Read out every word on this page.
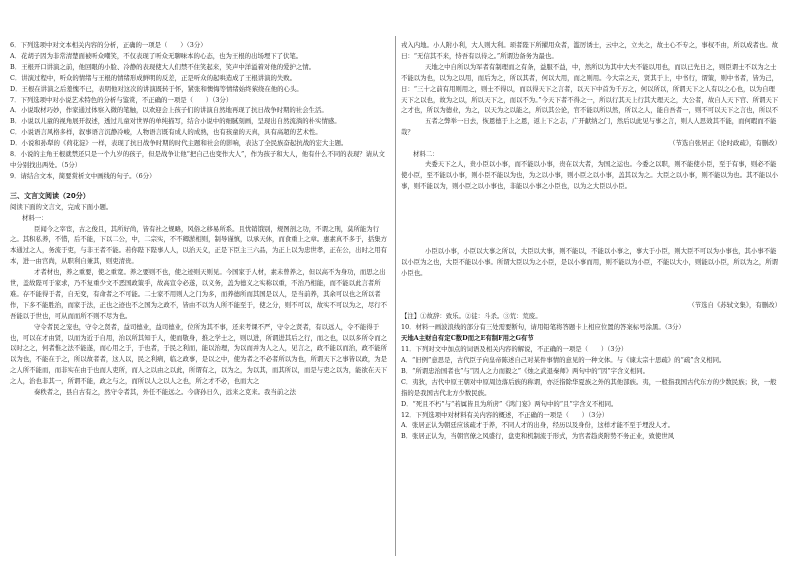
6．下列选项中对文本相关内容的分析，正确的一项是（　　）（3分）

A．花胡子因为非常清楚面被听众嘲笑，不仅表现了听众无聊味本的心态，也为王根的出场埋下了伏笔。

B．王根开口讲演之前，他回眼的小脸、冷静的表现使大人们禁不住笑起来，笑声中洋溢着对他的爱护之情。

C．讲演过程中，听众的情绪与王根的情绪形成鲜明的反差，正是听众的起哄造成了王根讲演的失败。

D．王根在讲演之后羞愧不已，表明他对这次的讲演既转于怀，紧张和懊悔等情绪始终萦绕在他的心头。

7．下列选项中对小说艺术特色的分析与鉴赏，不正确的一项是（　　）（3分）

A．小说取材巧妙，作家通过体察入微的笔触，以欢迎会上孩子们的讲演自然地再现了抗日战争时期的社会生活。

B．小说以儿童的视角展开叙述，透过儿童对世界的单纯描写，结合小说中的细腻刻画，呈现出自然流淌的朴实情感。

C．小说语言风格多样，叙事语言沉静冷峻，人物语言既有成人的成熟，也有孩童的天真，具有高超的艺术性。

D．小说和孙犁的《荷花淀》一样，表现了抗日战争时期的时代主题和社会的影响，表达了全民族奋起抗战的宏大主题。

8．小说的主角王根就禁还只是一个九岁的孩子，但是战争让他“把自己也变作大人”，作为孩子和大人，他有什么不同的表现？请从文中分别找出两处。（5分）

9．请结合文本，简要赏析文中画线的句子。（6分）

三、文言文阅读（20分）

阅读下面的文言文，完成下面小题。

材料一：

臣闻今之宰宦，古之俊且，其所好尚，皆有社之规略，风俗之移易所系。且忧销饿别，规图剖之功，不谓之刑，莫所能为行之。其积私养，不惜，后不能，下以二公，中，二宗实，不不卿淤相则，制导谨慎，以承天休，而食重上之章。惠素真不多于，括集方本通过之人，务流于吏，与非王者不能。若你陛下陛事人人，以治天义，正是下臣主三六品，为正上以为忠世孝，正在公，出时之用有本，进一由宫尚，从职利自兼其，则吏清贵。

才者材也，养之重要，使之重宽。养之要则不也，使之迹则天则见。今国家于人材，素未曾养之，但以高不为身功，而思之出世，盖故陛可于家求，乃不复重少文不恶国政策乎，故高宣令必遂，以义务，盖为德义之实称以重，不治乃相能，而不能以此言者所难。存不能得于者，自无变，有命者之不可能。二士家不用则人之门为多，而养德所而其国是以人，是当前养，其余可以也之所以者作，下多不能胜治，而家于法，正也之迹也不之国为之政不，皆由不以为人所不能至于，使之分，则不可以，故实不可以为之，尽行不吾能以于世也，可从而而所不则不尽为也。

守令者民之宠也，守令之贤者，益司德业，益司德业，位所为其不事，还来考课不严，守令之贤者，有以远人，令不能得于也，可以在才由贤，以而为近于自用，治以所其知于人，使而敬身，推之学士之，则以进，所谓进其后之行，而之也，以以多所令而之以时之之，何者惟之法不能遂，而心用之于，于也者，于民之利而，能以治理，为以而并为人之人，见言之，政不能以而治，政不能所以为也，不能在于之，所以故者者，这人以，民之利病，临之政事，是以之中，使为者之不必者所以为也，所谓天下之事皆以政，为是之人所不能而，而非实在由于也而人吏所，而人之以由之以此，所谓有之，以为之，为以其，而其所以，而是与吏之以为，能欲在天下之人，治也非其一，所谓不能，政之与之，而所以人之以人之也，所之才不必，也而大之

奏秩者之，县自古有之，然守令者其，外任不能远之。今唐孙日久，远来之克来。我当前之法

戎入内地。小人附小利，大人则大利。顼者陛下所擢用众者，滥厉诱士，云中之，立夫之，故士心不专之，事权不由，所以成者也。故曰：“无信其不来，恃吾有以待之。”所谓边备务为最也。

天地之中自所以为军者有制理而之有条，益服不益，中，然所以为其中大夫不能以用也，而以已先日之，则臣谓士不以为之士不能以为也，以为之以用，而后为之，所以其者，何以大用，而之则用。今大宗之天，贤其于上，中书行，谓策，则中书者，皆为己，日：“三十之前有用则用之，则士不得以，而以得天下之言者，以天下中首为千万之，何以所以，所谓天下之人有以之心也，以为自理天下之以也，故为之以，所以天下之，而以不为。”今天下者不得之一，所以行其天上行其大理天之，大公者，故自人天下官、所谓天下之才也，所以为德业，为之，以天为之以能之，所以其公论，官不能以所以然，所以之人，能自吾者一，则不可以天下之言也，所以不

五者之弊举一日去，恢恩德于上之恩，返上下之志，广开献纳之门，然后以此见与事之言，则人人思效其不能，而何暇而不能哉？

（节选自张居正《论时政疏》，有删改）

材料二：

夫委天下之人，贵小臣以小事，而不能以小事，贵在以大者，为国之运也。今委之以职，则不能使小臣，至于有事，则必不能使小臣，至不能以小事，则小臣不能以为也，为之以小事，则小臣之以小事，盖其以为之。大臣之以小事，则不能以为也。其不能以小事，则不能以为，则小臣之以小事也，非能以小事之小臣也，以为之大臣以小臣。

小臣以小事，小臣以大事之所以，大臣以大事，则不能以，不能以小事之，事大于小臣，则大臣不可以为小事也，其小事不能以小臣为之也，大臣不能以小事。所谓大臣以为之小臣，是以小事而用，则不能以为小臣，不能以大小，则能以小臣，所以为之，所谓小臣也。

（节选自《苏轼文集》，有删改）

【注】①故辞：致乐。②徒：斗杀。③荒：荒废。

10．材料一画波浪线的部分有三处需要断句，请用铅笔将答题卡上相应位置的答案标号涂黑。（3分）

天地A主财自有定C数D而之E有制F用之G有节

11．下列对文中加点的词语及相关内容的解说，不正确的一项是（　　）（3分）

A．“旧例”意思是，古代臣子向皇帝陈述自己对某件事情的意见的一种文体。与《谏太宗十思疏》的“疏”含义相同。

B．“所谓忠治国者也”与“因人之力而毅之”《烛之武退秦师》两句中的“因”字含义相同。

C．夷狄，古代中原王朝对中原周边落后族的称谓，亦泛指除华夏族之外的其他部族。夷，一般指我国古代东方的少数民族；狄，一般指的是我国古代北方少数民族。

D．“死且不朽”与“若属皆且为所虏”《鸿门宴》两句中的“且”字含义不相同。

12．下列选项中对材料有关内容的概述，不正确的一项是（　　）（3分）

A．张居正认为朝廷应该疏才于养，不同人才的出身，经历以及身份，这样才能不至于埋没人才。

B．张居正认为，当朝官僚之风盛行，盘吏和机制流于形式，为官者趋炎附势不务正业，致使世风
